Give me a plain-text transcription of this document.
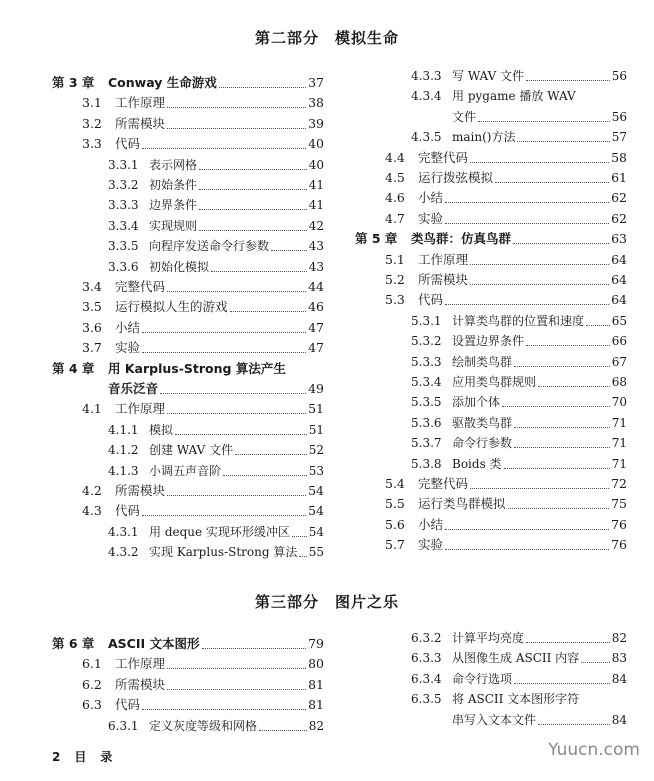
第二部分　模拟生命
第 3 章	Conway 生命游戏	37
3.1	工作原理	38
3.2	所需模块	39
3.3	代码	40
3.3.1 表示网格	40
3.3.2 初始条件	41
3.3.3 边界条件	41
3.3.4 实现规则	42
3.3.5 向程序发送命令行参数	43
3.3.6 初始化模拟	43
3.4	完整代码	44
3.5	运行模拟人生的游戏	46
3.6	小结	47
3.7	实验	47
第 4 章	用 Karplus-Strong 算法产生
音乐泛音	49
4.1	工作原理	51
4.1.1 模拟	51
4.1.2 创建 WAV 文件	52
4.1.3 小调五声音阶	53
4.2	所需模块	54
4.3	代码	54
4.3.1 用 deque 实现环形缓冲区 54
4.3.2 实现 Karplus-Strong 算法 55
4.3.3 写 WAV 文件	56
4.3.4 用 pygame 播放 WAV
文件	56
4.3.5 main()方法	57
4.4	完整代码	58
4.5	运行拨弦模拟	61
4.6	小结	62
4.7	实验	62
第 5 章	类鸟群：仿真鸟群	63
5.1	工作原理	64
5.2	所需模块	64
5.3	代码	64
5.3.1 计算类鸟群的位置和速度 65
5.3.2 设置边界条件	66
5.3.3 绘制类鸟群	67
5.3.4 应用类鸟群规则	68
5.3.5 添加个体	70
5.3.6 驱散类鸟群	71
5.3.7 命令行参数	71
5.3.8 Boids 类	71
5.4	完整代码	72
5.5	运行类鸟群模拟	75
5.6	小结	76
5.7	实验	76
第三部分　图片之乐
第 6 章	ASCII 文本图形	79
6.1	工作原理	80
6.2	所需模块	81
6.3	代码	81
6.3.1 定义灰度等级和网格	82
6.3.2 计算平均亮度	82
6.3.3 从图像生成 ASCII 内容	83
6.3.4 命令行选项	84
6.3.5 将 ASCII 文本图形字符
串写入文本文件	84
2 目 录	Yuucn.com
